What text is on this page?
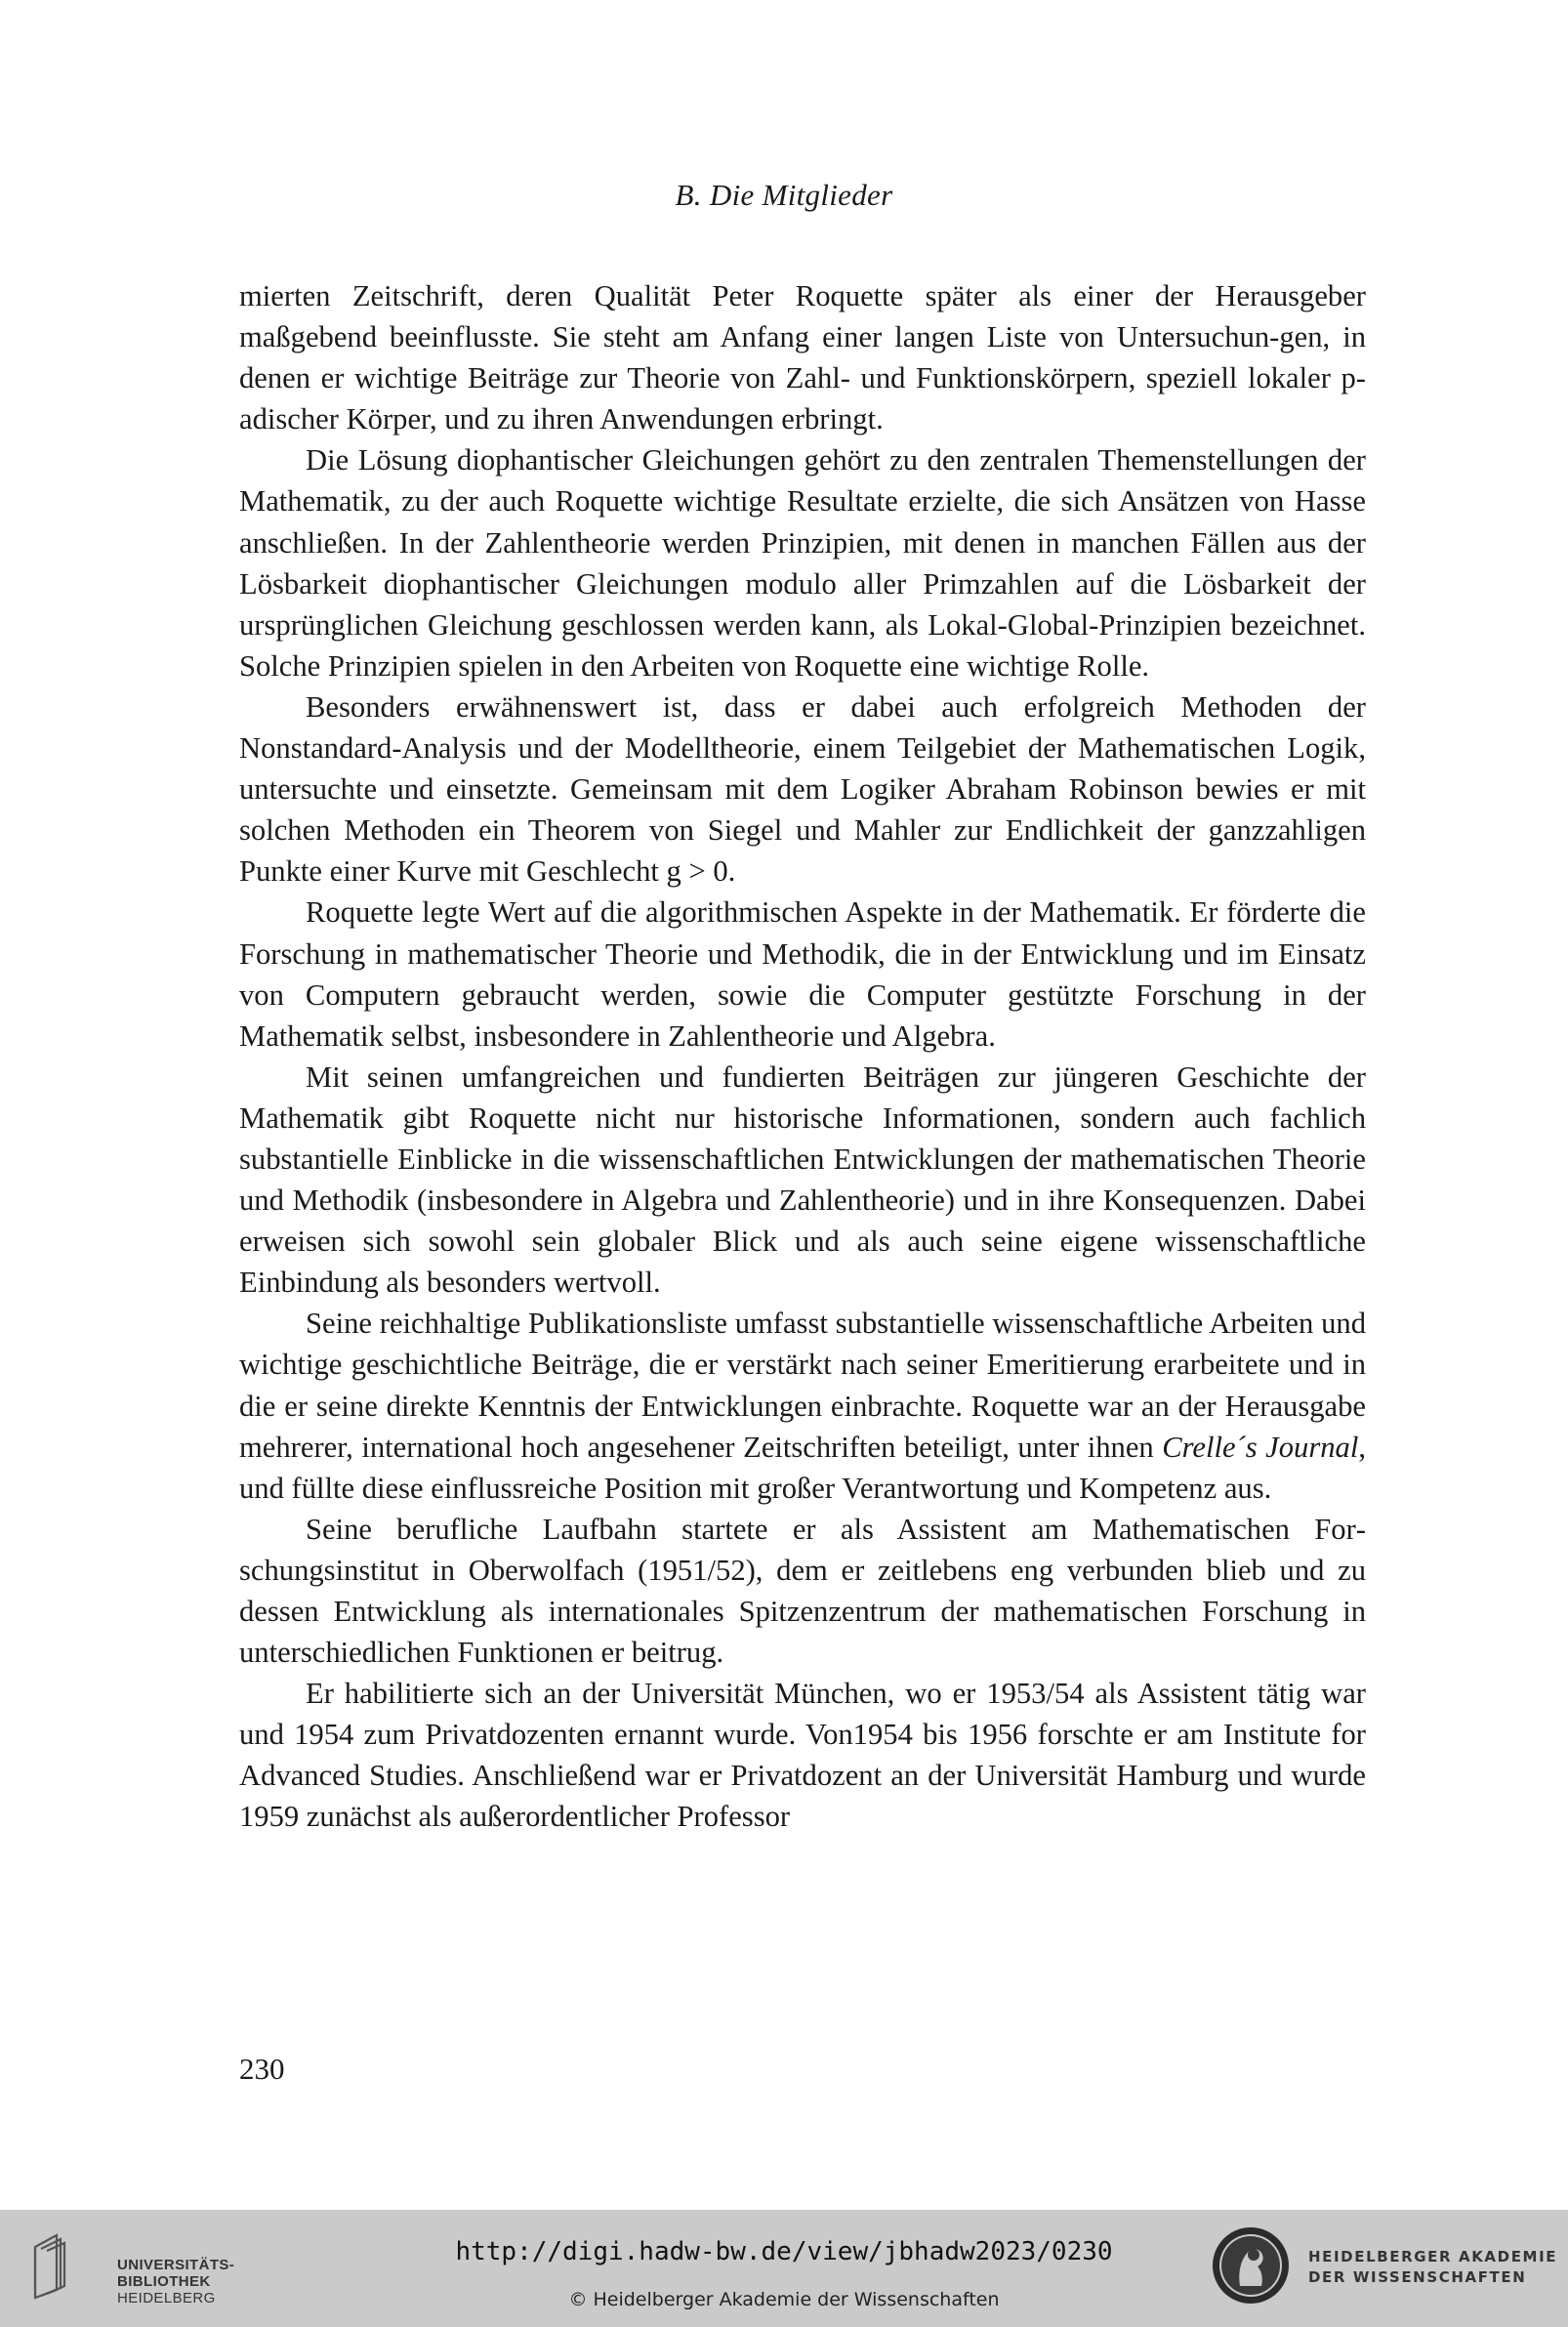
B. Die Mitglieder

mierten Zeitschrift, deren Qualität Peter Roquette später als einer der Herausgeber maßgebend beeinflusste. Sie steht am Anfang einer langen Liste von Untersuchun-gen, in denen er wichtige Beiträge zur Theorie von Zahl- und Funktionskörpern, speziell lokaler p-adischer Körper, und zu ihren Anwendungen erbringt.

Die Lösung diophantischer Gleichungen gehört zu den zentralen Themenstellungen der Mathematik, zu der auch Roquette wichtige Resultate erzielte, die sich Ansätzen von Hasse anschließen. In der Zahlentheorie werden Prinzipien, mit denen in manchen Fällen aus der Lösbarkeit diophantischer Gleichungen modulo aller Primzahlen auf die Lösbarkeit der ursprünglichen Gleichung geschlossen werden kann, als Lokal-Global-Prinzipien bezeichnet. Solche Prinzipien spielen in den Arbeiten von Roquette eine wichtige Rolle.

Besonders erwähnenswert ist, dass er dabei auch erfolgreich Methoden der Nonstandard-Analysis und der Modelltheorie, einem Teilgebiet der Mathematischen Logik, untersuchte und einsetzte. Gemeinsam mit dem Logiker Abraham Robinson bewies er mit solchen Methoden ein Theorem von Siegel und Mahler zur Endlichkeit der ganzzahligen Punkte einer Kurve mit Geschlecht g > 0.

Roquette legte Wert auf die algorithmischen Aspekte in der Mathematik. Er förderte die Forschung in mathematischer Theorie und Methodik, die in der Entwicklung und im Einsatz von Computern gebraucht werden, sowie die Computer gestützte Forschung in der Mathematik selbst, insbesondere in Zahlentheorie und Algebra.

Mit seinen umfangreichen und fundierten Beiträgen zur jüngeren Geschichte der Mathematik gibt Roquette nicht nur historische Informationen, sondern auch fachlich substantielle Einblicke in die wissenschaftlichen Entwicklungen der mathematischen Theorie und Methodik (insbesondere in Algebra und Zahlentheorie) und in ihre Konsequenzen. Dabei erweisen sich sowohl sein globaler Blick und als auch seine eigene wissenschaftliche Einbindung als besonders wertvoll.

Seine reichhaltige Publikationsliste umfasst substantielle wissenschaftliche Arbeiten und wichtige geschichtliche Beiträge, die er verstärkt nach seiner Emeritierung erarbeitete und in die er seine direkte Kenntnis der Entwicklungen einbrachte. Roquette war an der Herausgabe mehrerer, international hoch angesehener Zeitschriften beteiligt, unter ihnen Crelle´s Journal, und füllte diese einflussreiche Position mit großer Verantwortung und Kompetenz aus.

Seine berufliche Laufbahn startete er als Assistent am Mathematischen Forschungsinstitut in Oberwolfach (1951/52), dem er zeitlebens eng verbunden blieb und zu dessen Entwicklung als internationales Spitzenzentrum der mathematischen Forschung in unterschiedlichen Funktionen er beitrug.

Er habilitierte sich an der Universität München, wo er 1953/54 als Assistent tätig war und 1954 zum Privatdozenten ernannt wurde. Von1954 bis 1956 forschte er am Institute for Advanced Studies. Anschließend war er Privatdozent an der Universität Hamburg und wurde 1959 zunächst als außerordentlicher Professor

230
UNIVERSITÄTS-
BIBLIOTHEK
HEIDELBERG
http://digi.hadw-bw.de/view/jbhadw2023/0230
© Heidelberger Akademie der Wissenschaften
HEIDELBERGER AKADEMIE
DER WISSENSCHAFTEN
